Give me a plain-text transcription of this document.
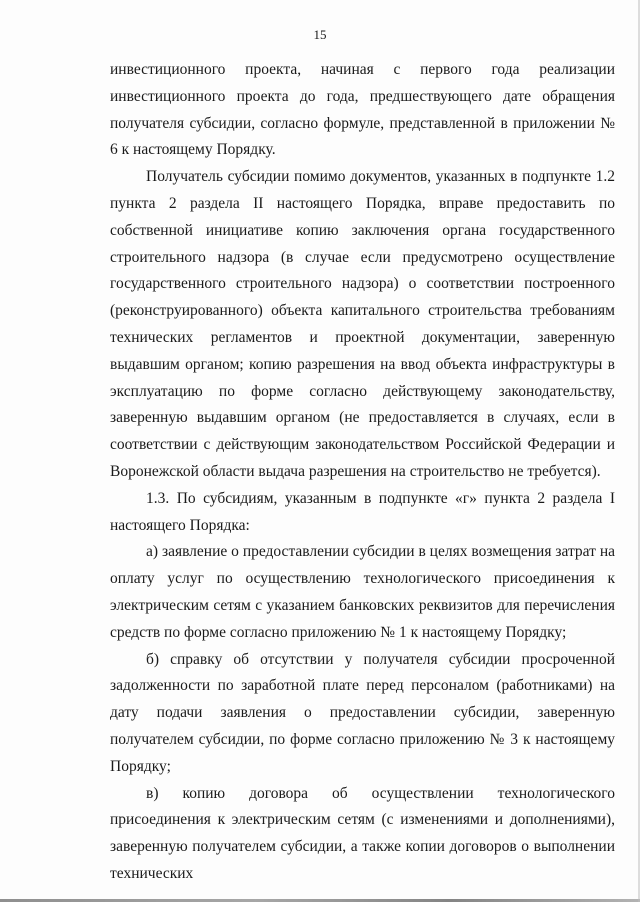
15

инвестиционного проекта, начиная с первого года реализации инвестиционного проекта до года, предшествующего дате обращения получателя субсидии, согласно формуле, представленной в приложении № 6 к настоящему Порядку.

Получатель субсидии помимо документов, указанных в подпункте 1.2 пункта 2 раздела II настоящего Порядка, вправе предоставить по собственной инициативе копию заключения органа государственного строительного надзора (в случае если предусмотрено осуществление государственного строительного надзора) о соответствии построенного (реконструированного) объекта капитального строительства требованиям технических регламентов и проектной документации, заверенную выдавшим органом; копию разрешения на ввод объекта инфраструктуры в эксплуатацию по форме согласно действующему законодательству, заверенную выдавшим органом (не предоставляется в случаях, если в соответствии с действующим законодательством Российской Федерации и Воронежской области выдача разрешения на строительство не требуется).

1.3. По субсидиям, указанным в подпункте «г» пункта 2 раздела I настоящего Порядка:

а) заявление о предоставлении субсидии в целях возмещения затрат на оплату услуг по осуществлению технологического присоединения к электрическим сетям с указанием банковских реквизитов для перечисления средств по форме согласно приложению № 1 к настоящему Порядку;

б) справку об отсутствии у получателя субсидии просроченной задолженности по заработной плате перед персоналом (работниками) на дату подачи заявления о предоставлении субсидии, заверенную получателем субсидии, по форме согласно приложению № 3 к настоящему Порядку;

в) копию договора об осуществлении технологического присоединения к электрическим сетям (с изменениями и дополнениями), заверенную получателем субсидии, а также копии договоров о выполнении технических
